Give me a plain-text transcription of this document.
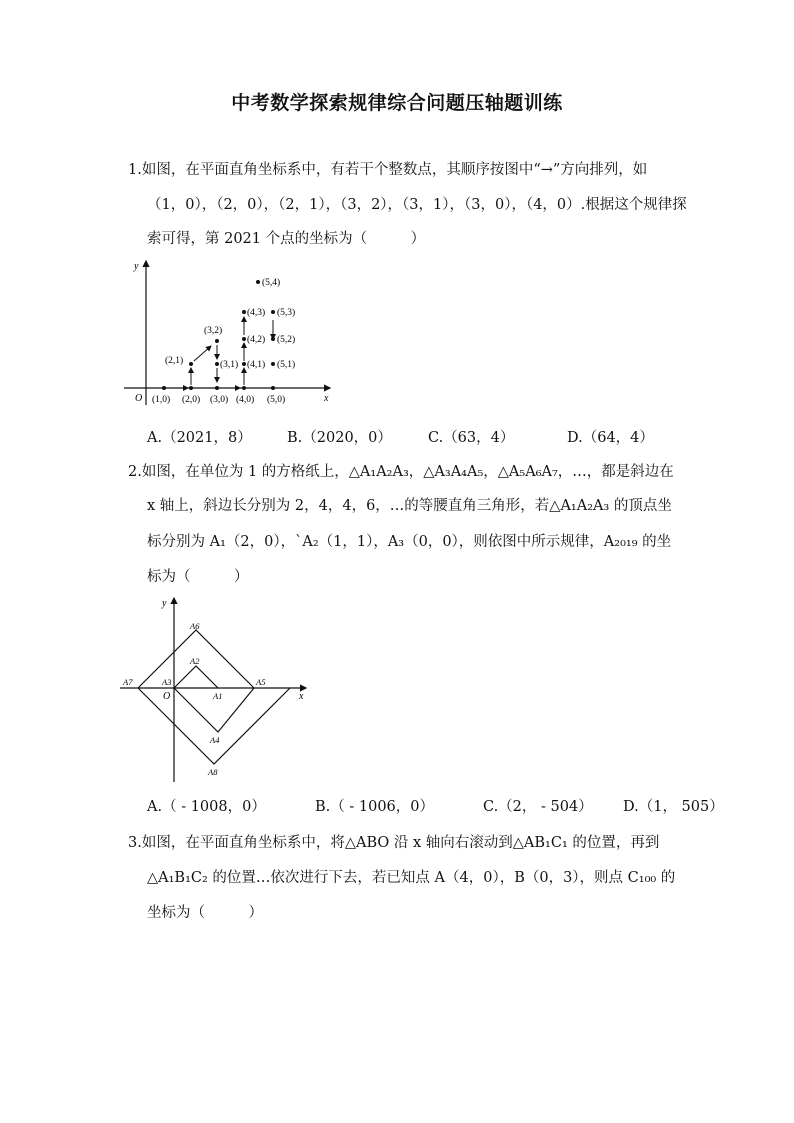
中考数学探索规律综合问题压轴题训练
1.如图，在平面直角坐标系中，有若干个整数点，其顺序按图中“→”方向排列，如
（1，0），（2，0），（2，1），（3，2），（3，1），（3，0），（4，0）.根据这个规律探
索可得，第 2021 个点的坐标为（　　　）
x
y
O (1,0) (2,0)
(2,1)
(3,2)
(3,1)
(3,0) (4,0)
(4,1)
(4,2)
(4,3)
(5,4)
(5,3)
(5,2)
(5,1)
(5,0)
A.（2021，8） B.（2020，0） C.（63，4）	D.（64，4）
2.如图，在单位为 1 的方格纸上，△A₁A₂A₃，△A₃A₄A₅，△A₅A₆A₇，…，都是斜边在
x 轴上，斜边长分别为 2，4，4，6，…的等腰直角三角形，若△A₁A₂A₃ 的顶点坐
标分别为 A₁（2，0），`A₂（1，1），A₃（0，0），则依图中所示规律，A₂₀₁₉ 的坐
标为（　　　）
x
y
O	A1
A2
A3
A4
A5
A6
A7
A8
A.（ - 1008，0）	B.（ - 1006，0）	C.（2， - 504） D.（1， 505）
3.如图，在平面直角坐标系中，将△ABO 沿 x 轴向右滚动到△AB₁C₁ 的位置，再到
△A₁B₁C₂ 的位置…依次进行下去，若已知点 A（4，0），B（0，3），则点 C₁₀₀ 的
坐标为（　　　）
